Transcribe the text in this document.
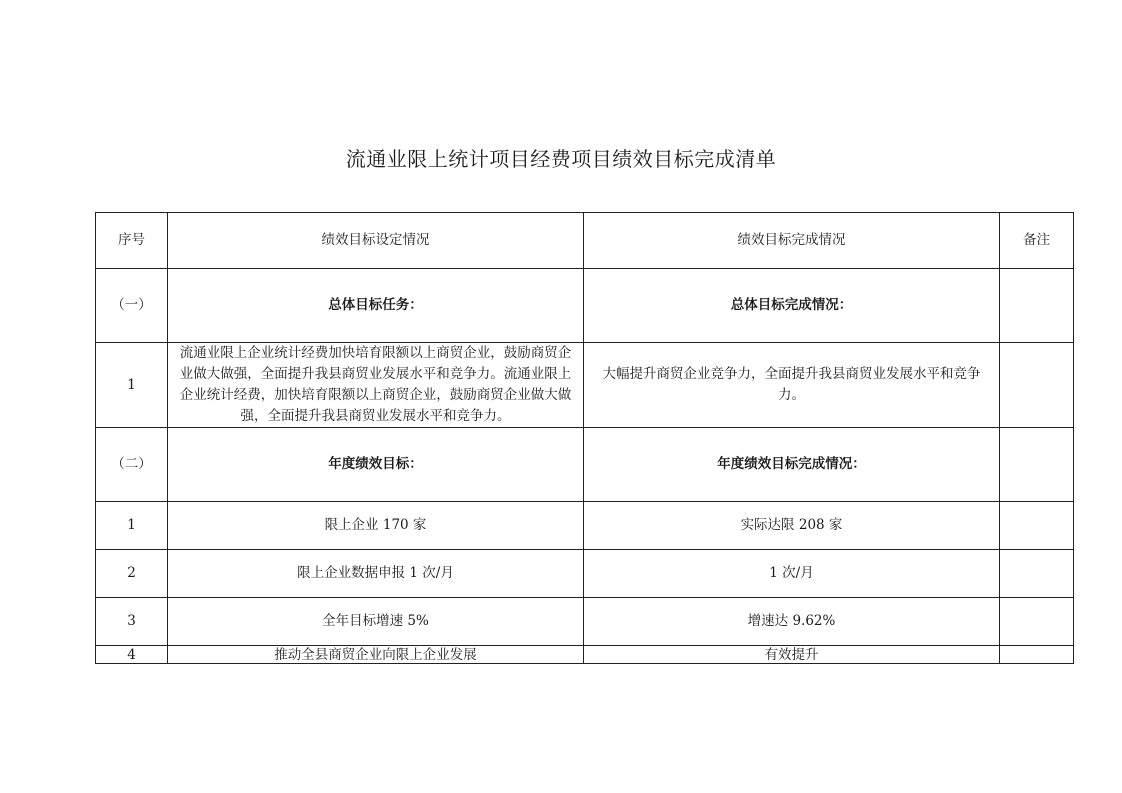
流通业限上统计项目经费项目绩效目标完成清单
序号	绩效目标设定情况	绩效目标完成情况	备注
（一）	总体目标任务：	总体目标完成情况：	
1	流通业限上企业统计经费加快培育限额以上商贸企业，鼓励商贸企业做大做强，全面提升我县商贸业发展水平和竞争力。流通业限上企业统计经费，加快培育限额以上商贸企业，鼓励商贸企业做大做强，全面提升我县商贸业发展水平和竞争力。	大幅提升商贸企业竞争力，全面提升我县商贸业发展水平和竞争力。	

（二）	年度绩效目标：	年度绩效目标完成情况：	
1	限上企业 170 家	实际达限 208 家	
2	限上企业数据申报 1 次/月	1 次/月	
3	全年目标增速 5%	增速达 9.62%	
4	推动全县商贸企业向限上企业发展	有效提升	
